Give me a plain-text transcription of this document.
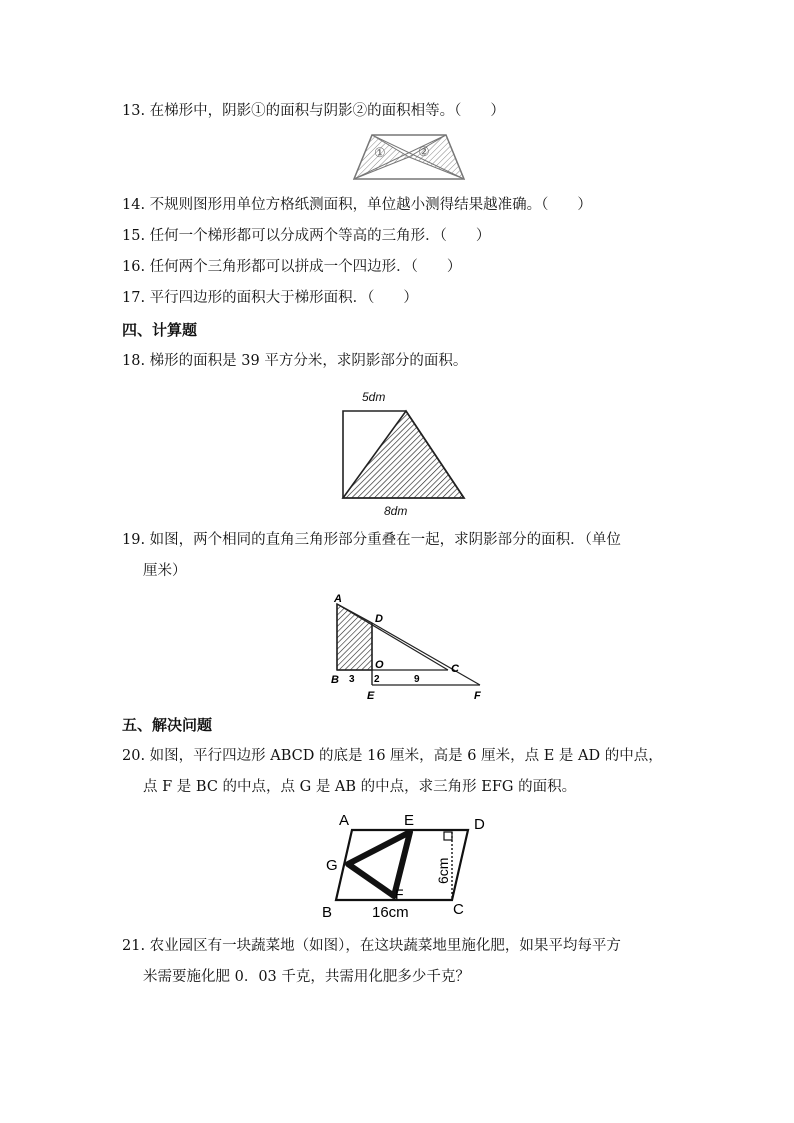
13. 在梯形中，阴影①的面积与阴影②的面积相等。（　　）
① ②
14. 不规则图形用单位方格纸测面积，单位越小测得结果越准确。（　　）
15. 任何一个梯形都可以分成两个等高的三角形．（　　）
16. 任何两个三角形都可以拼成一个四边形．（　　）
17. 平行四边形的面积大于梯形面积．（　　）
四、计算题
18. 梯形的面积是 39 平方分米，求阴影部分的面积。
5dm
8dm
19. 如图，两个相同的直角三角形部分重叠在一起，求阴影部分的面积．（单位
厘米）
A
D
O	C
B 3 2	9
E	F
五、解决问题
20. 如图，平行四边形 ABCD 的底是 16 厘米，高是 6 厘米，点 E 是 AD 的中点，
点 F 是 BC 的中点，点 G 是 AB 的中点，求三角形 EFG 的面积。
A	E	D
G
F
B	16cm	C
6cm
21. 农业园区有一块蔬菜地（如图），在这块蔬菜地里施化肥，如果平均每平方
米需要施化肥 0．03 千克，共需用化肥多少千克？
